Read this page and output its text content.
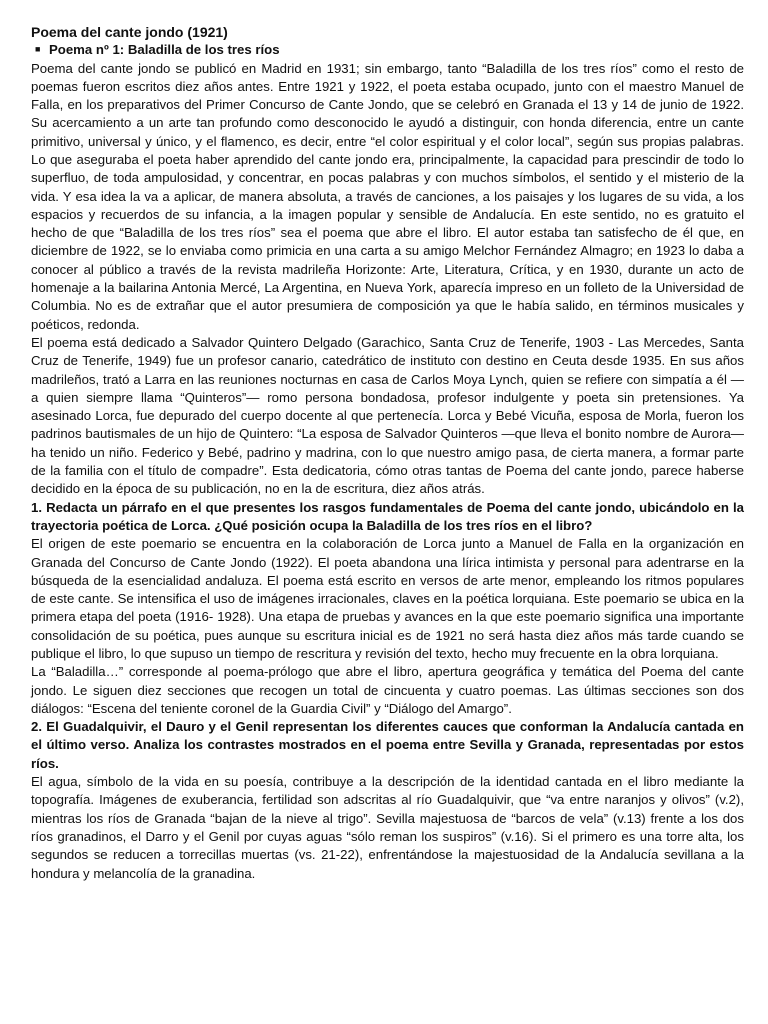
Poema del cante jondo (1921)

■ Poema nº 1: Baladilla de los tres ríos

Poema del cante jondo se publicó en Madrid en 1931; sin embargo, tanto “Baladilla de los tres ríos” como el resto de poemas fueron escritos diez años antes. Entre 1921 y 1922, el poeta estaba ocupado, junto con el maestro Manuel de Falla, en los preparativos del Primer Concurso de Cante Jondo, que se celebró en Granada el 13 y 14 de junio de 1922. Su acercamiento a un arte tan profundo como desconocido le ayudó a distinguir, con honda diferencia, entre un cante primitivo, universal y único, y el flamenco, es decir, entre “el color espiritual y el color local”, según sus propias palabras. Lo que aseguraba el poeta haber aprendido del cante jondo era, principalmente, la capacidad para prescindir de todo lo superfluo, de toda ampulosidad, y concentrar, en pocas palabras y con muchos símbolos, el sentido y el misterio de la vida. Y esa idea la va a aplicar, de manera absoluta, a través de canciones, a los paisajes y los lugares de su vida, a los espacios y recuerdos de su infancia, a la imagen popular y sensible de Andalucía. En este sentido, no es gratuito el hecho de que “Baladilla de los tres ríos” sea el poema que abre el libro. El autor estaba tan satisfecho de él que, en diciembre de 1922, se lo enviaba como primicia en una carta a su amigo Melchor Fernández Almagro; en 1923 lo daba a conocer al público a través de la revista madrileña Horizonte: Arte, Literatura, Crítica, y en 1930, durante un acto de homenaje a la bailarina Antonia Mercé, La Argentina, en Nueva York, aparecía impreso en un folleto de la Universidad de Columbia. No es de extrañar que el autor presumiera de composición ya que le había salido, en términos musicales y poéticos, redonda.

El poema está dedicado a Salvador Quintero Delgado (Garachico, Santa Cruz de Tenerife, 1903 - Las Mercedes, Santa Cruz de Tenerife, 1949) fue un profesor canario, catedrático de instituto con destino en Ceuta desde 1935. En sus años madrileños, trató a Larra en las reuniones nocturnas en casa de Carlos Moya Lynch, quien se refiere con simpatía a él —a quien siempre llama “Quinteros”— romo persona bondadosa, profesor indulgente y poeta sin pretensiones. Ya asesinado Lorca, fue depurado del cuerpo docente al que pertenecía. Lorca y Bebé Vicuña, esposa de Morla, fueron los padrinos bautismales de un hijo de Quintero: “La esposa de Salvador Quinteros —que lleva el bonito nombre de Aurora— ha tenido un niño. Federico y Bebé, padrino y madrina, con lo que nuestro amigo pasa, de cierta manera, a formar parte de la familia con el título de compadre”. Esta dedicatoria, cómo otras tantas de Poema del cante jondo, parece haberse decidido en la época de su publicación, no en la de escritura, diez años atrás.

1. Redacta un párrafo en el que presentes los rasgos fundamentales de Poema del cante jondo, ubicándolo en la trayectoria poética de Lorca. ¿Qué posición ocupa la Baladilla de los tres ríos en el libro?

El origen de este poemario se encuentra en la colaboración de Lorca junto a Manuel de Falla en la organización en Granada del Concurso de Cante Jondo (1922). El poeta abandona una lírica intimista y personal para adentrarse en la búsqueda de la esencialidad andaluza. El poema está escrito en versos de arte menor, empleando los ritmos populares de este cante. Se intensifica el uso de imágenes irracionales, claves en la poética lorquiana. Este poemario se ubica en la primera etapa del poeta (1916- 1928). Una etapa de pruebas y avances en la que este poemario significa una importante consolidación de su poética, pues aunque su escritura inicial es de 1921 no será hasta diez años más tarde cuando se publique el libro, lo que supuso un tiempo de rescritura y revisión del texto, hecho muy frecuente en la obra lorquiana.

La “Baladilla…” corresponde al poema-prólogo que abre el libro, apertura geográfica y temática del Poema del cante jondo. Le siguen diez secciones que recogen un total de cincuenta y cuatro poemas. Las últimas secciones son dos diálogos: “Escena del teniente coronel de la Guardia Civil” y “Diálogo del Amargo”.

2. El Guadalquivir, el Dauro y el Genil representan los diferentes cauces que conforman la Andalucía cantada en el último verso. Analiza los contrastes mostrados en el poema entre Sevilla y Granada, representadas por estos ríos.

El agua, símbolo de la vida en su poesía, contribuye a la descripción de la identidad cantada en el libro mediante la topografía. Imágenes de exuberancia, fertilidad son adscritas al río Guadalquivir, que “va entre naranjos y olivos” (v.2), mientras los ríos de Granada “bajan de la nieve al trigo”. Sevilla majestuosa de “barcos de vela” (v.13) frente a los dos ríos granadinos, el Darro y el Genil por cuyas aguas “sólo reman los suspiros” (v.16). Si el primero es una torre alta, los segundos se reducen a torrecillas muertas (vs. 21-22), enfrentándose la majestuosidad de la Andalucía sevillana a la hondura y melancolía de la granadina.
